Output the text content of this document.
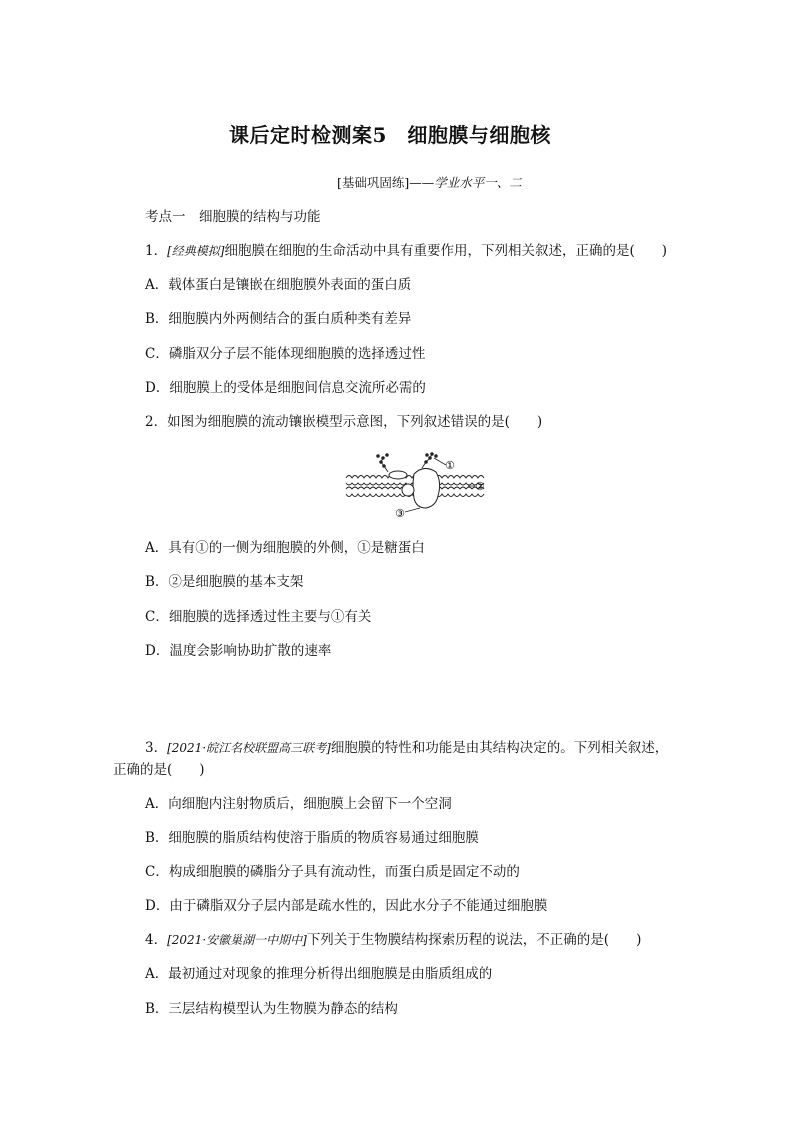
课后定时检测案5　细胞膜与细胞核
[基础巩固练]——学业水平一、二
考点一　细胞膜的结构与功能
1．[经典模拟]细胞膜在细胞的生命活动中具有重要作用，下列相关叙述，正确的是(　　)
A．载体蛋白是镶嵌在细胞膜外表面的蛋白质
B．细胞膜内外两侧结合的蛋白质种类有差异
C．磷脂双分子层不能体现细胞膜的选择透过性
D．细胞膜上的受体是细胞间信息交流所必需的
2．如图为细胞膜的流动镶嵌模型示意图，下列叙述错误的是(　　)
①
②
③
A．具有①的一侧为细胞膜的外侧，①是糖蛋白
B．②是细胞膜的基本支架
C．细胞膜的选择透过性主要与①有关
D．温度会影响协助扩散的速率
3．[2021·皖江名校联盟高三联考]细胞膜的特性和功能是由其结构决定的。下列相关叙述，
正确的是(　　)
A．向细胞内注射物质后，细胞膜上会留下一个空洞
B．细胞膜的脂质结构使溶于脂质的物质容易通过细胞膜
C．构成细胞膜的磷脂分子具有流动性，而蛋白质是固定不动的
D．由于磷脂双分子层内部是疏水性的，因此水分子不能通过细胞膜
4．[2021·安徽巢湖一中期中]下列关于生物膜结构探索历程的说法，不正确的是(　　)
A．最初通过对现象的推理分析得出细胞膜是由脂质组成的
B．三层结构模型认为生物膜为静态的结构
